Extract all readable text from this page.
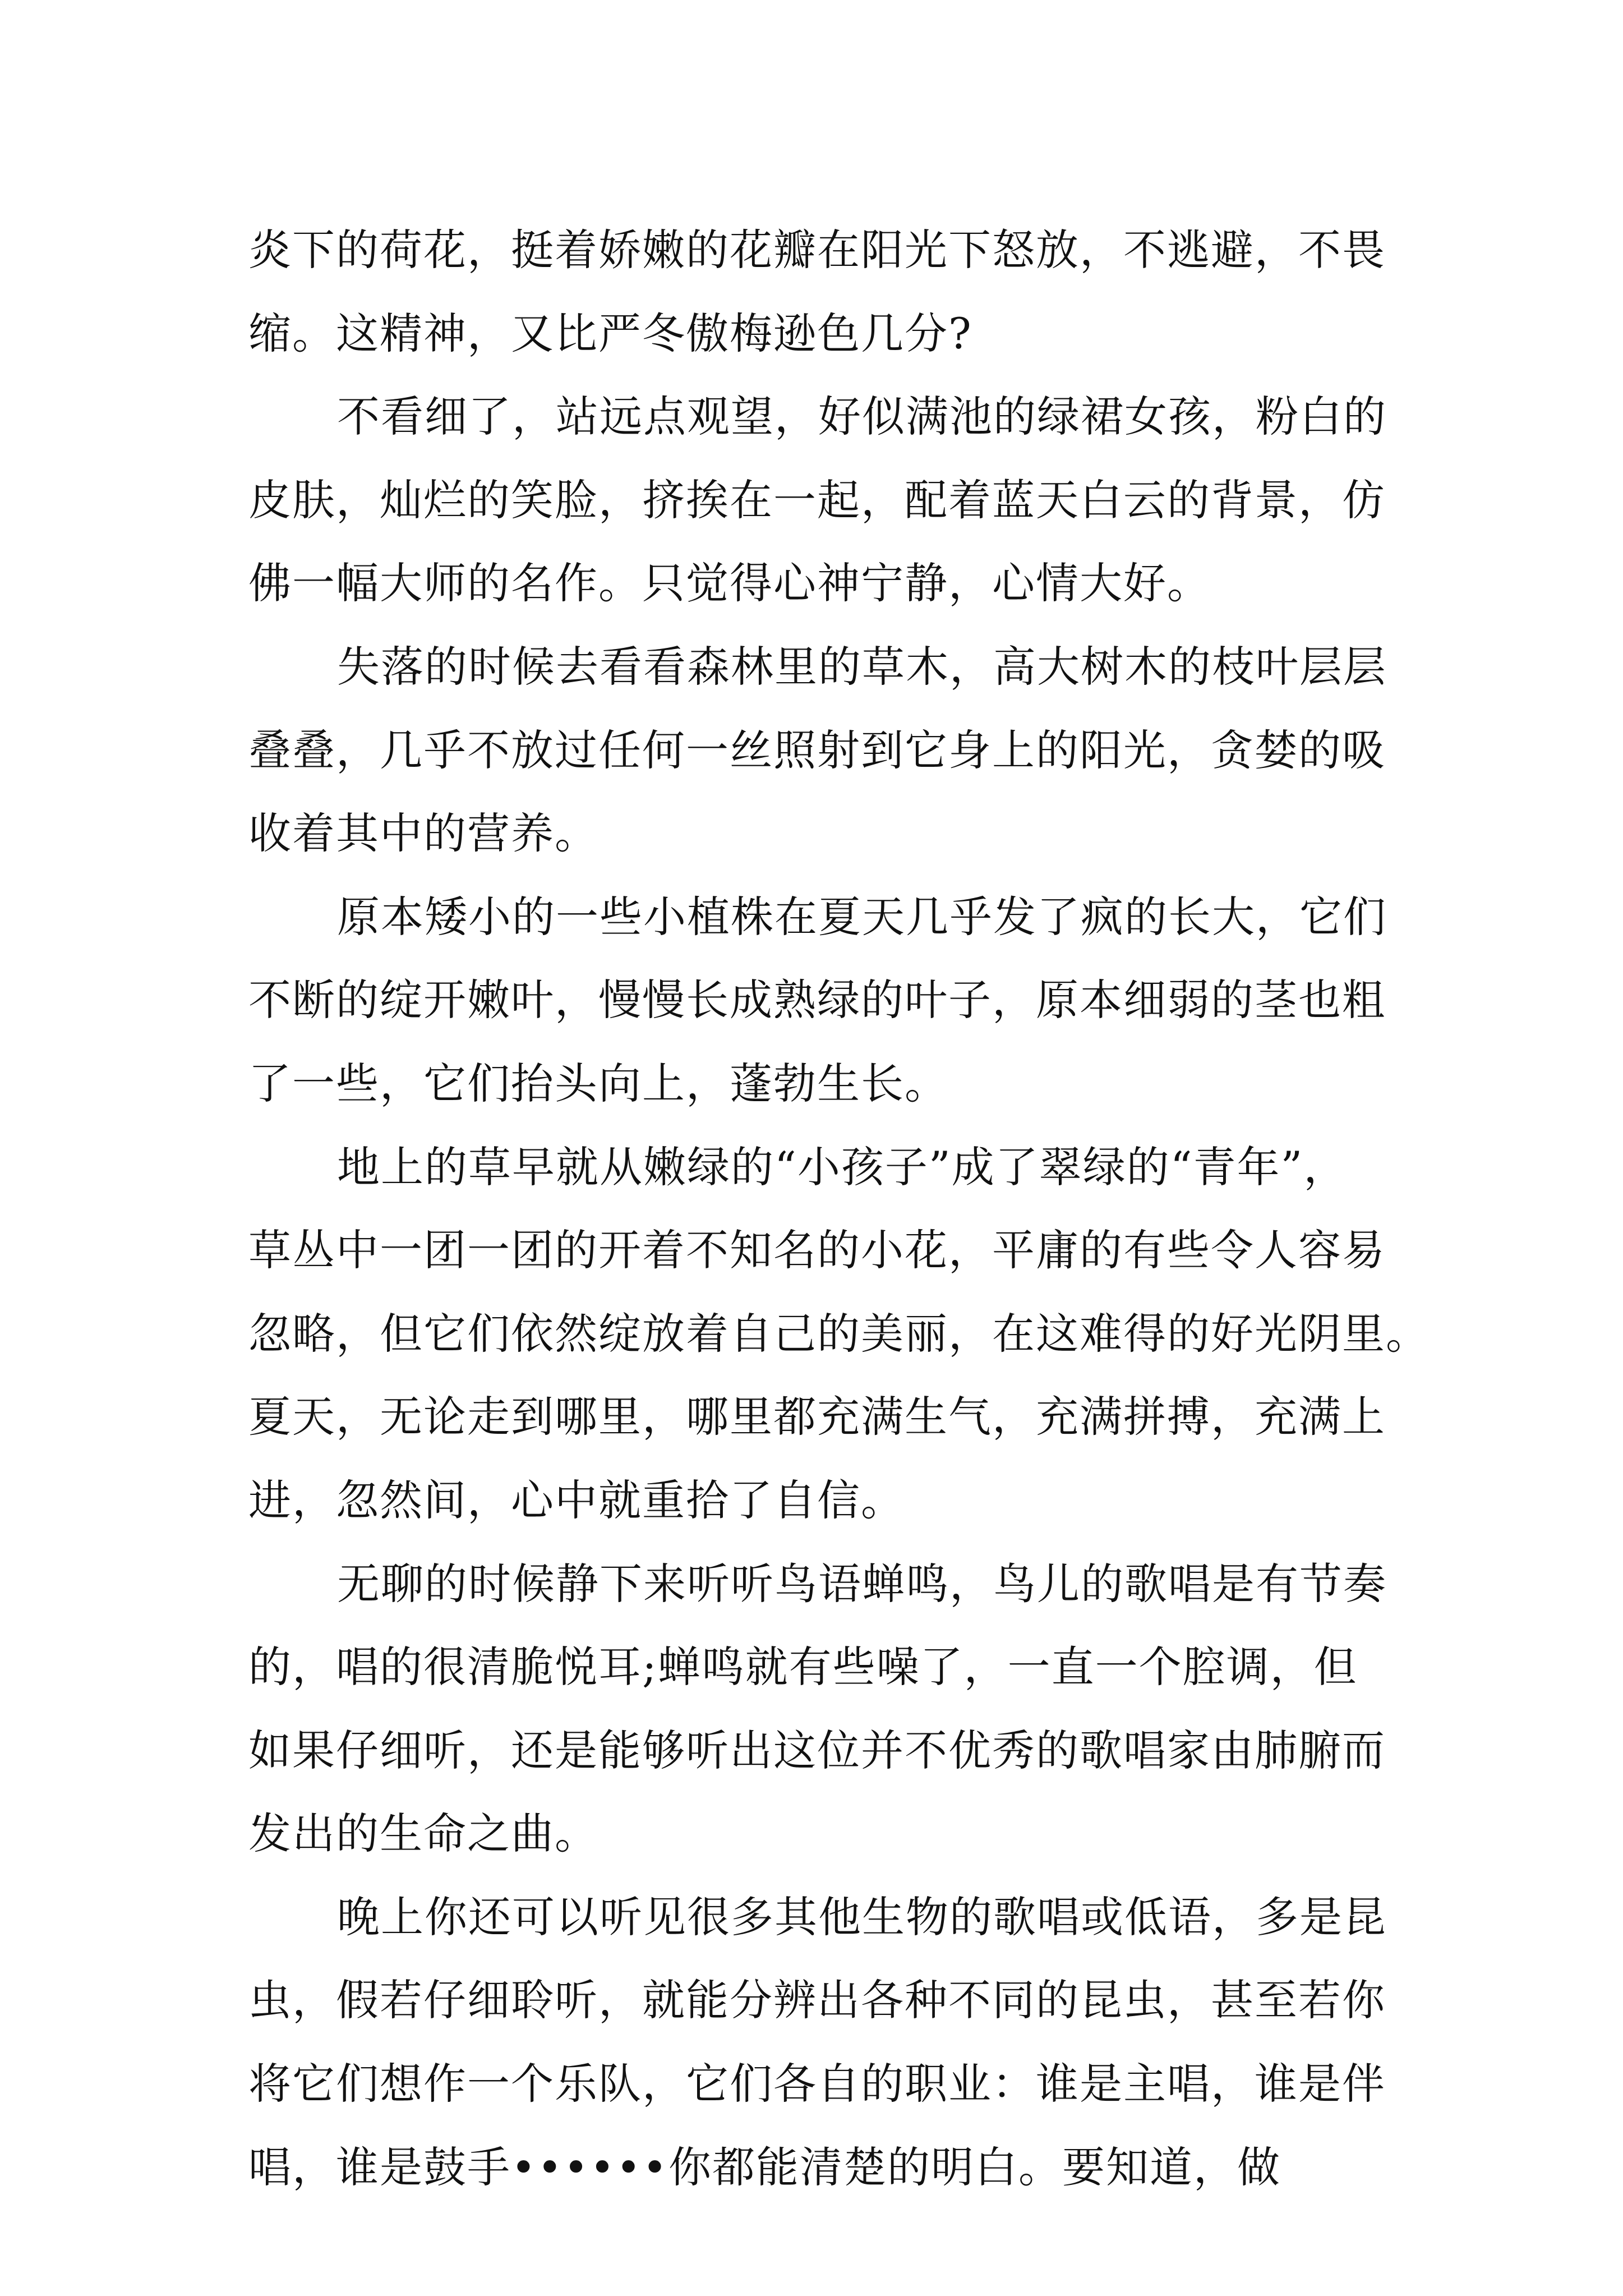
炎下的荷花，挺着娇嫩的花瓣在阳光下怒放，不逃避，不畏
缩。这精神，又比严冬傲梅逊色几分?
不看细了，站远点观望，好似满池的绿裙女孩，粉白的
皮肤，灿烂的笑脸，挤挨在一起，配着蓝天白云的背景，仿
佛一幅大师的名作。只觉得心神宁静，心情大好。
失落的时候去看看森林里的草木，高大树木的枝叶层层
叠叠，几乎不放过任何一丝照射到它身上的阳光，贪婪的吸
收着其中的营养。
原本矮小的一些小植株在夏天几乎发了疯的长大，它们
不断的绽开嫩叶，慢慢长成熟绿的叶子，原本细弱的茎也粗
了一些，它们抬头向上，蓬勃生长。
地上的草早就从嫩绿的“小孩子”成了翠绿的“青年”，
草丛中一团一团的开着不知名的小花，平庸的有些令人容易
忽略，但它们依然绽放着自己的美丽，在这难得的好光阴里。
夏天，无论走到哪里，哪里都充满生气，充满拼搏，充满上
进，忽然间，心中就重拾了自信。
无聊的时候静下来听听鸟语蝉鸣，鸟儿的歌唱是有节奏
的，唱的很清脆悦耳;蝉鸣就有些噪了，一直一个腔调，但
如果仔细听，还是能够听出这位并不优秀的歌唱家由肺腑而
发出的生命之曲。
晚上你还可以听见很多其他生物的歌唱或低语，多是昆
虫，假若仔细聆听，就能分辨出各种不同的昆虫，甚至若你
将它们想作一个乐队，它们各自的职业：谁是主唱，谁是伴
唱，谁是鼓手••••••你都能清楚的明白。要知道，做
